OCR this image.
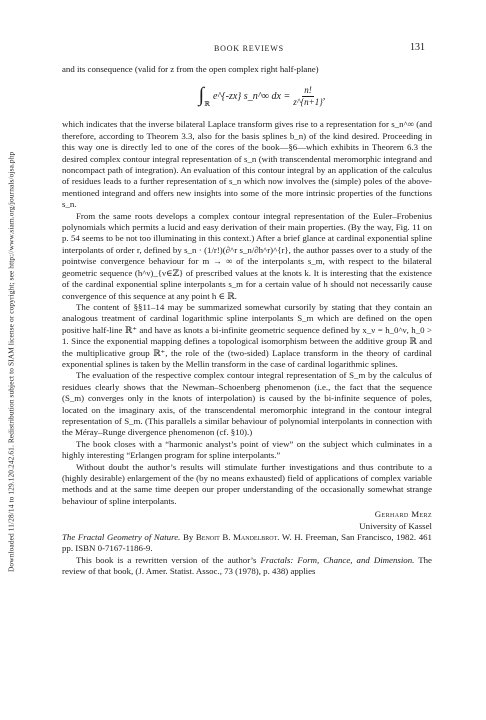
Downloaded 11/28/14 to 129.120.242.61. Redistribution subject to SIAM license or copyright; see http://www.siam.org/journals/ojsa.php
BOOK REVIEWS	131

and its consequence (valid for z from the open complex right half-plane)

$\int_ℝ$
e^{-zx} s_n^∞ dx = $\frac{n!}{z\^{}\{n+1\}}$ ,

which indicates that the inverse bilateral Laplace transform gives rise to a representation for s_n^∞ (and therefore, according to Theorem 3.3, also for the basis splines b_n) of the kind desired. Proceeding in this way one is directly led to one of the cores of the book—§6—which exhibits in Theorem 6.3 the desired complex contour integral representation of s_n (with transcendental meromorphic integrand and noncompact path of integration). An evaluation of this contour integral by an application of the calculus of residues leads to a further representation of s_n which now involves the (simple) poles of the above-mentioned integrand and offers new insights into some of the more intrinsic properties of the functions s_n.

From the same roots develops a complex contour integral representation of the Euler–Frobenius polynomials which permits a lucid and easy derivation of their main properties. (By the way, Fig. 11 on p. 54 seems to be not too illuminating in this context.) After a brief glance at cardinal exponential spline interpolants of order r, defined by s_n · (1/r!)(∂^r s_n/∂h^r)^{r}, the author passes over to a study of the pointwise convergence behaviour for m → ∞ of the interpolants s_m, with respect to the bilateral geometric sequence (h^ν)_{ν∈ℤ} of prescribed values at the knots k. It is interesting that the existence of the cardinal exponential spline interpolants s_m for a certain value of h should not necessarily cause convergence of this sequence at any point h ∈ ℝ.

The content of §§11–14 may be summarized somewhat cursorily by stating that they contain an analogous treatment of cardinal logarithmic spline interpolants S_m which are defined on the open positive half-line ℝ⁺ and have as knots a bi-infinite geometric sequence defined by x_ν = h_0^ν, h_0 > 1. Since the exponential mapping defines a topological isomorphism between the additive group ℝ and the multiplicative group ℝ⁺, the role of the (two-sided) Laplace transform in the theory of cardinal exponential splines is taken by the Mellin transform in the case of cardinal logarithmic splines.

The evaluation of the respective complex contour integral representation of S_m by the calculus of residues clearly shows that the Newman–Schoenberg phenomenon (i.e., the fact that the sequence (S_m) converges only in the knots of interpolation) is caused by the bi-infinite sequence of poles, located on the imaginary axis, of the transcendental meromorphic integrand in the contour integral representation of S_m. (This parallels a similar behaviour of polynomial interpolants in connection with the Méray–Runge divergence phenomenon (cf. §10).)

The book closes with a “harmonic analyst’s point of view” on the subject which culminates in a highly interesting “Erlangen program for spline interpolants.”

Without doubt the author’s results will stimulate further investigations and thus contribute to a (highly desirable) enlargement of the (by no means exhausted) field of applications of complex variable methods and at the same time deepen our proper understanding of the occasionally somewhat strange behaviour of spline interpolants.

Gerhard Merz
University of Kassel

The Fractal Geometry of Nature. By Benoit B. Mandelbrot. W. H. Freeman, San Francisco, 1982. 461 pp. ISBN 0-7167-1186-9.

This book is a rewritten version of the author’s Fractals: Form, Chance, and Dimension. The review of that book, (J. Amer. Statist. Assoc., 73 (1978), p. 438) applies
